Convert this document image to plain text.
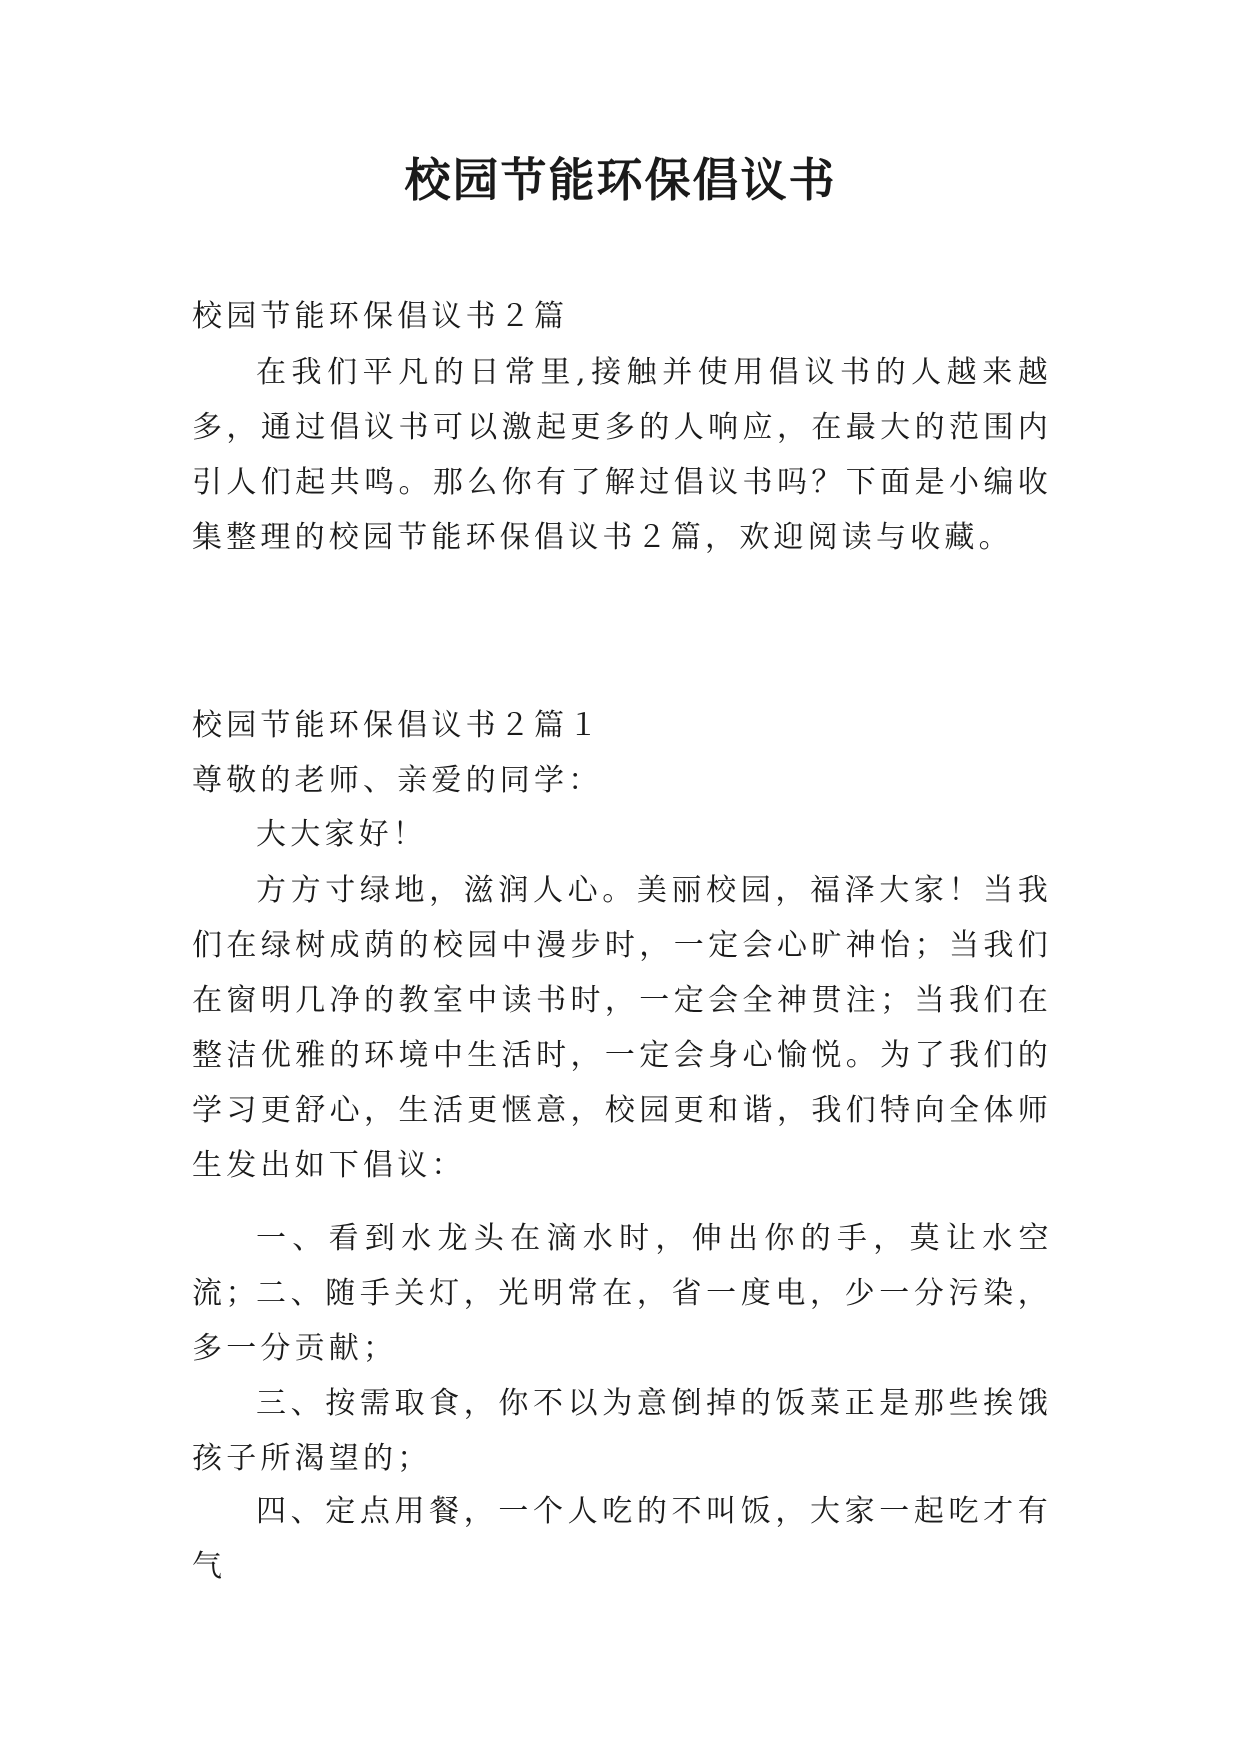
校园节能环保倡议书

校园节能环保倡议书２篇

在我们平凡的日常里,接触并使用倡议书的人越来越多，通过倡议书可以激起更多的人响应，在最大的范围内引人们起共鸣。那么你有了解过倡议书吗？下面是小编收集整理的校园节能环保倡议书２篇，欢迎阅读与收藏。

校园节能环保倡议书２篇１

尊敬的老师、亲爱的同学：

大大家好！

方方寸绿地，滋润人心。美丽校园，福泽大家！当我们在绿树成荫的校园中漫步时，一定会心旷神怡；当我们在窗明几净的教室中读书时，一定会全神贯注；当我们在整洁优雅的环境中生活时，一定会身心愉悦。为了我们的学习更舒心，生活更惬意，校园更和谐，我们特向全体师生发出如下倡议：

一、看到水龙头在滴水时，伸出你的手，莫让水空流；

二、随手关灯，光明常在，省一度电，少一分污染，多一分贡献；

三、按需取食，你不以为意倒掉的饭菜正是那些挨饿孩子所渴望的；

四、定点用餐，一个人吃的不叫饭，大家一起吃才有气
